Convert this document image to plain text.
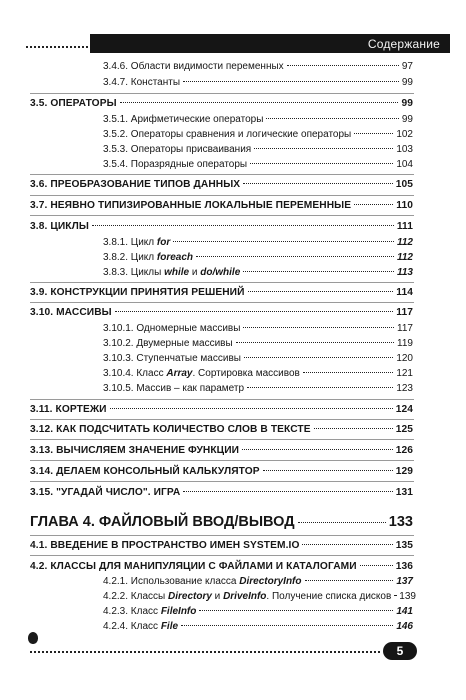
Содержание
3.4.6. Области видимости переменных	97
3.4.7. Константы	99
3.5. ОПЕРАТОРЫ	99
3.5.1. Арифметические операторы	99
3.5.2. Операторы сравнения и логические операторы	102
3.5.3. Операторы присваивания	103
3.5.4. Поразрядные операторы	104
3.6. ПРЕОБРАЗОВАНИЕ ТИПОВ ДАННЫХ	105
3.7. НЕЯВНО ТИПИЗИРОВАННЫЕ ЛОКАЛЬНЫЕ ПЕРЕМЕННЫЕ	110
3.8. ЦИКЛЫ	111
3.8.1. Цикл for	112
3.8.2. Цикл foreach	112
3.8.3. Циклы while и do/while	113
3.9. КОНСТРУКЦИИ ПРИНЯТИЯ РЕШЕНИЙ	114
3.10. МАССИВЫ	117
3.10.1. Одномерные массивы	117
3.10.2. Двумерные массивы	119
3.10.3. Ступенчатые массивы	120
3.10.4. Класс Array. Сортировка массивов	121
3.10.5. Массив – как параметр	123
3.11. КОРТЕЖИ	124
3.12. КАК ПОДСЧИТАТЬ КОЛИЧЕСТВО СЛОВ В ТЕКСТЕ	125
3.13. ВЫЧИСЛЯЕМ ЗНАЧЕНИЕ ФУНКЦИИ	126
3.14. ДЕЛАЕМ КОНСОЛЬНЫЙ КАЛЬКУЛЯТОР	129
3.15. "УГАДАЙ ЧИСЛО". ИГРА	131
ГЛАВА 4. ФАЙЛОВЫЙ ВВОД/ВЫВОД	133
4.1. ВВЕДЕНИЕ В ПРОСТРАНСТВО ИМЕН SYSTEM.IO	135
4.2. КЛАССЫ ДЛЯ МАНИПУЛЯЦИИ С ФАЙЛАМИ И КАТАЛОГАМИ	136
4.2.1. Использование класса DirectoryInfo	137
4.2.2. Классы Directory и DriveInfo. Получение списка дисков 139
4.2.3. Класс FileInfo	141
4.2.4. Класс File	146
5
